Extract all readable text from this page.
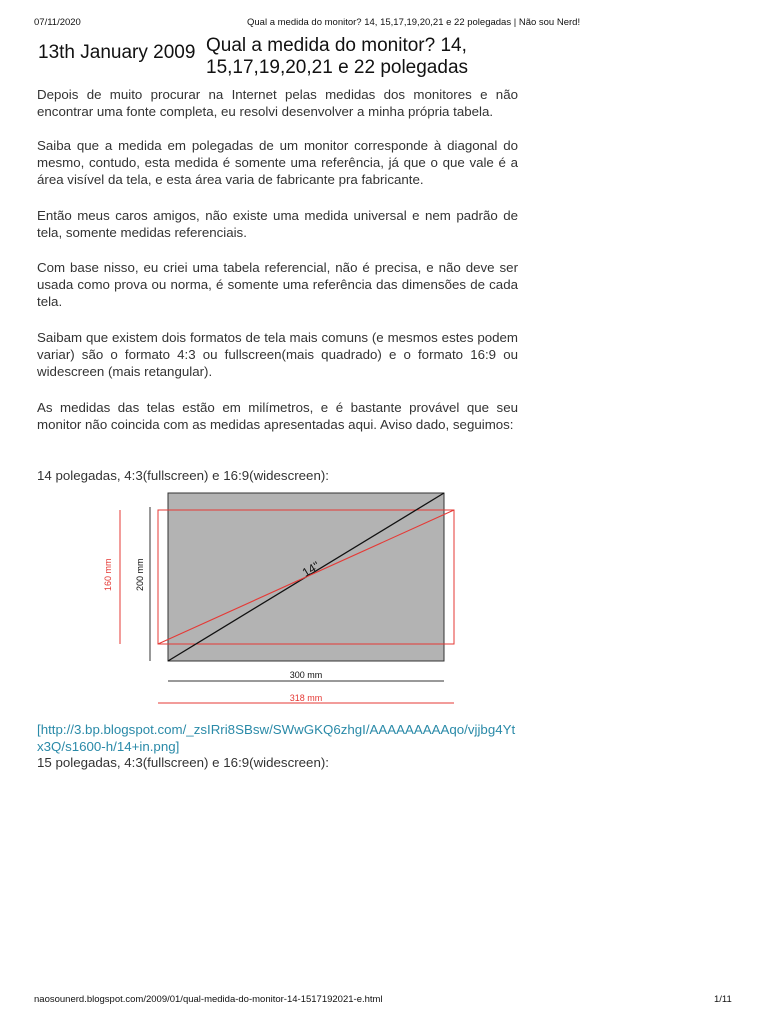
07/11/2020	Qual a medida do monitor? 14, 15,17,19,20,21 e 22 polegadas | Não sou Nerd!
13th January 2009 Qual a medida do monitor? 14, 15,17,19,20,21 e 22 polegadas

Depois de muito procurar na Internet pelas medidas dos monitores e não encontrar uma fonte completa, eu resolvi desenvolver a minha própria tabela.

Saiba que a medida em polegadas de um monitor corresponde à diagonal do mesmo, contudo, esta medida é somente uma referência, já que o que vale é a área visível da tela, e esta área varia de fabricante pra fabricante.

Então meus caros amigos, não existe uma medida universal e nem padrão de tela, somente medidas referenciais.

Com base nisso, eu criei uma tabela referencial, não é precisa, e não deve ser usada como prova ou norma, é somente uma referência das dimensões de cada tela.

Saibam que existem dois formatos de tela mais comuns (e mesmos estes podem variar) são o formato 4:3 ou fullscreen(mais quadrado) e o formato 16:9 ou widescreen (mais retangular).

As medidas das telas estão em milímetros, e é bastante provável que seu monitor não coincida com as medidas apresentadas aqui. Aviso dado, seguimos:

14 polegadas, 4:3(fullscreen) e 16:9(widescreen):
14"
200 mm
160 mm
300 mm
318 mm
[http://3.bp.blogspot.com/_zsIRri8SBsw/SWwGKQ6zhgI/AAAAAAAAAqo/vjjbg4Ytx3Q/s1600-h/14+in.png]
15 polegadas, 4:3(fullscreen) e 16:9(widescreen):
naosounerd.blogspot.com/2009/01/qual-medida-do-monitor-14-1517192021-e.html	1/11
